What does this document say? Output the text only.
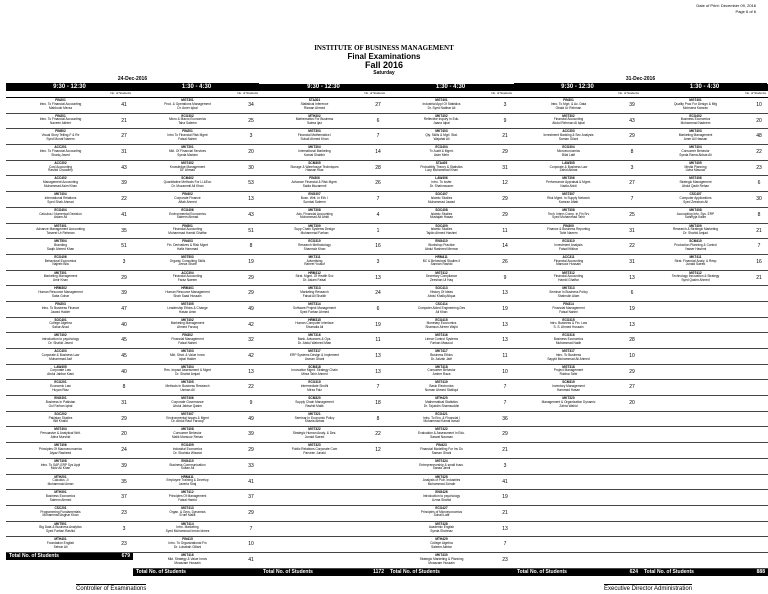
Date of Print: December 09, 2016
Page 6 of 6
INSTITUTE OF BUSINESS MANAGEMENT
Final Examinations
Fall 2016
Saturday
24-Dec-2016	31-Dec-2016
9:30 - 12:30
No. of Students
FIN201
Intro. To Financial Accounting
Mahboob Merza	41
FIN201
Intro. To Financial Accounting
Naveen Akhter	21
FIN502
Visual Story Telling-F & Re
Syed Munaf Naeem	27
ACC201
Intro. To Financial Accounting
Shariq Javed	31
ACC302
Cost Accounting
Rashid Chaudhry	43
ACC402
Management Accounting
Muhammad Asim Khan	39
MKT404
International Relations
Syed Shah Ahmad	22
ECO404
Calculus-I Numerical Decision
Aslam Ali	41
MGT401
Advance Management Accounting
Tanzeel Ur Rehman	35
MKT504
Branding
Saqib Ahmed Khan	51
ECO406
Behavioral Economics
Najeeb Bila	3
MKT301
Marketing Management
Amir Khan	29
HRM302
Human Resource Management
Saba Gohar	39
FIN203
Intro. To Business Finance
Jawad Haider	47
SOC401
College Algebra
Sabar Ahad	40
MKT402
Introduction to psychology
Dr. Shahid Javed	45
ACC403
Corporate & Business Law
Muhammad Asif	45
LAW405
Corporate Law
Abdul Jabbar Kiani	40
ECO201
Economic Law
Huyan Riaz	8
ENG301
Business In Pakistan
Gul Farhan Iqbal	31
SOC202
Pakistan Studies
Bitt Khalid	29
MGT404
Persuasive & Analytical Writ.
Abira Murshid	20
MKT406
Principles Of Macroeconomics
Aiyaz Rasheed	24
MKT408
Intro. To SAP-ERP Sys Appl
Moiz Ali Khan	39
MTH201
Calculus -II
Muhammad Aman	35
MTH301
Business Economics
Saleem Ahmed	37
CSC201
Programming Fundamentals
Muhammad Asghar Khan	23
MKT501
Big Data & Business Analytics
Syed Farhan Rashid	3
MTH401
Foundation English
Sehrar Ali	23
Total No. of Students	679
1:30 - 4:30
No. of Students
MGT301
Prod. & Operations Management
Dr. Amer Iqbal	34
ECO302
Micro & Macro Economics
Taha Saleem	25
FIN201
Intro To Financial Risk Mgmt
Faisal Nahmi	3
MKT301
Mkt. Of Financial Services
Syeda Mariam	20
MGT402
Knowledge Management
Dr. Ahmad	30
SCM402
Quantitative Methods For Li.&Eco
Dr. Muzammil Ali Khan	53
FIN402
Corporate Finance
Aftab Ahmed	13
ECO406
Environmental Economics
Saleem Ahmad	43
FIN501
Financial Accounting
Muhammad Hamid Ghaffar	51
FIN403
Fin. Derivatives & Risk Mgmt
Hafiz Hammad	8
MGT503
Organic Consulting Skills
Zeeza Sharif	19
ACC304
Financial Accounting
Faraz Naeem	29
HRM401
Human Resource Management
Shah Saad Hussain	29
MGT405
Leadership Ethics & Change
Hasan Amin	49
MKT402
Marketing Management
Ahmed Farooq	42
FIN302
Financial Management
Faisal Nahmi	32
MKT403
Mkt. Strat. & Value Innov
Iqbal Haider	42
MKT404
Res. Impact Assessment & Mgmt
Dr. Shahid Amjad	13
MKT405
Methods In Business Research
Usman Ali	22
MGT406
Corporate Governance
Abdul Jabbar Qasim	9
MGT407
Environmental Issues & Mgmt
Dr. Abdul Rauf Farooqi	49
MKT408
Consumer Behavior
Malik Mansoor Rehan	39
ECO409
Industrial Economics
Dr. Shahida Wizarat	29
ENG410
Business Communication
Sultan Ali	33
HRM411
Employee Training & Develop
Javeria Siraj	41
MKT412
Principles Of Management
Faisal Hamid	37
MGT413
Organ. & Grps. Dynamics
Erum Malik	29
MKT414
Intro. Marketing
Syed Muhammad Imran Idrees	7
FIN415
Intro. To Organizational Fin
Dr. Lubabah Gillani	10
MKT416
Mkt. Strategy & Value Innov
Moazzam Hussain	41
Total No. of Students
9:30 - 12:30
No. of Students
STA301
Statistical Inference
Rizwan Ahmed	27
MTH302
Mathematics For Business
Saima Ijaz	6
MGT303
Financial Mathematics I
Sohail Ahmed Khan	7
MKT304
International Marketing
Kamal Shabbir	14
SCM305
Storage & Warehouse Techniques
Hassan Riaz	28
FIN306
Advance Financial & Risk Mgmt.
Sadia Muzammil	26
ENG307
Busn. Writ. In Eth. I
Sumbal Saleem	7
MKT308
Adv. Financial Accounting
Mohammad Ali Afridi	4
MKT309
Supp Chain Systems Design
Muhammad Farhan	1
ECO310
Research Methodology
Shamraiz Khan	16
MKT311
Advertising
Raheel Yousuf	3
HRM312
Strat. Mgmt. Of Health Svc
Dr. Aslam Faisal	13
MKT313
Marketing Research
Faisal Ali Shaikh	24
MGT314
Software Project Management
Syed Farhan Ahmed	6
HRM315
Human Computer Interface
Shumaila Ali	19
MKT316
Bank. Advances & Ops.
Dr. Abdul Waheed Mian	11
MGT317
ERP Systems Design & Implement
Usman Ghani	13
SCM318
Innovation Mgmt. Strategy Chain
Mirza Tahir Ahmed	13
ECO319
Intermediate Sindhi
Mirza Faiz	7
SCM320
Supply Chain Management
Rashid Malik	18
MKT321
Seminar In Economic Policy
Shazia Abbas	8
MGT322
Strategic Human Analy. & Des.
Junaid Saeed	22
MGT323
Public Relations Corporate Com
Parveen Junaid	12
Total No. of Students	1172
1:30 - 4:30
No. of Students
MGT401
Industrial Appl Of Statistics
Dr. Syed Nabbar Ali	3
MKT402
Reflective Inquiry In Edu.
Jaana Iqbal	9
MKT403
Qty. Skills & Mgrl. Stat.
Wajahat Ali	21
ECO404
Tx Audit & Mgmt.
Asim Mehr	29
STA405
Probability Theory & Statistics
Lucy Muhammad Khan	31
LAW406
Intro. To Icsfer
Dr. Shahnavazm	12
SOC407
Islamic Studies
Muhammad Jawad	29
SOC408
Islamic Studies
Mustajab Hasan	29
SOC409
Islamic Studies
Tajdin Ahmed Hashmi	11
ENG410
Workshop Practice
Abdul Rasheed Memon	14
HRM411
BC & Behavioral Studies II
Sannan Rashid	26
MGT412
Secretary Compliance
Zeeshan Ul Haq	9
SOC413
History Of Ideas
Abdul Khaliq Afiqua	13
CSC414
Computer Aided Engineering Des
Ali Khan	19
ECO415
Monetary Economics
Shamsun Afreen Wajid	13
MGT416
Linear Control Systems
Farhan Masood	13
MKT417
Business Ethics
Dr. Azizah Jafri	11
MKT418
Consumer Behavior
Amber Raza	10
MGT419
Basic Electronics
Noman Ahmed Siddiqui	7
MTH420
Mathematical Statistics
Dr. Tajuddin Shamsuddin	7
ECO421
Intro. To Env. & Financial I
Muhammad Kamal Ismail	36
MGT422
Evaluation & Assessment In Edu.
Sarwat Nauman	29
FIN423
Financial Modelling For Inv Dc
Saman Ghani	21
MGT424
Entrepreneurship & small busn.
Sanaa Jamil	3
MKT425
Analysis of Pub. Industries
Muhammad Zohaib	41
ENG426
Introduction to psychology
Uzma Shahid	19
ECO427
Principles of Microeconomics
Sohail Latif	21
MGT428
Academic English
Syeda Shahnaz	13
MTH429
College Algebra
Saleem Akhtar	7
MKT430
Strategic Marketing & Planning
Moazzam Hussain	23
Total No. of Students
9:30 - 12:30
No. of Students
FIN301
Intro. To Mgrl. & Ac. Data
Obaid Ur Rehman	39
MGT302
Financial Accounting
Abdul Rehman Al Iqbal	43
ACC303
Investment Banking & Sec Analysis
Saman Gilani	29
ECO304
Microeconomics
Bilal Latif	8
LAW305
Corporate & Business Law
Zahid Abbas	3
MKT306
Performance Appraisal & Mgmt.
Nadia Abidi	27
MGT307
Risk Mgmt. In Supply Network
Kamran Aftab	7
MKT308
Tech. Intern Comp. In Fin Srv
Syed Muhammad Tahir	25
FIN309
Finance & Business Reporting
Tahir Naeem	31
ECO310
Investment Analysis
Faisal Iftikhar	22
ACC311
Financial Accounting
Mansoor Hussain	31
MGT312
Financial Accounting
Hamid Ghaffar	13
MKT313
Seminar In Business Policy
Shahrukh Alam	6
FIN314
Financial Management
Faisal Nahmi	19
ECO315
Intro. Business & Fin. Law
S. S. Ahmed Hussain	13
ECO316
Business Economics
Muhammad Nadir	28
MGT317
Intro. To Business
Sayyid Muhammad Ali Ahmed	10
MGT318
Project Management
Rubina Tahir	29
SCM319
Inventory Management
Hammad Hasan	27
MKT320
Management & Organization Dynamic
Zahra Wahid	20
Total No. of Students	624
1:30 - 4:30
No. of Students
MGT401
Quality Prac For Design & Mfg
Mohsena Kamran	10
ECO402
Business Economics
Muhammad Nadeem	20
MKT403
Marketing Management
Amer Ali Hassan	48
MKT404
Consumer Behavior
Syeda Rama Abbas Ali	22
MKT405
Media Planning
Uzba Masood	23
MGT406
Strategic Management
Abdul Qadir Rehan	6
CSC407
Computer Applications
Syed Zeeshan Ali	30
MKT408
Accounting Info. Sys. ERP
Sahmyja Kalim	8
MKT409
Research & Strategic Marketing
Dr. Shahid Amjad	21
SCM410
Production Planning & Control
Yasser Hashmi	7
MKT411
Strat. Financial Analy. & Resp
Junaid Saeed	16
MGT412
Technology Innovation & Strategy
Syed Qasim Ahmed	21
Total No. of Students	888
Controller of Examinations	Executive Director Administration
